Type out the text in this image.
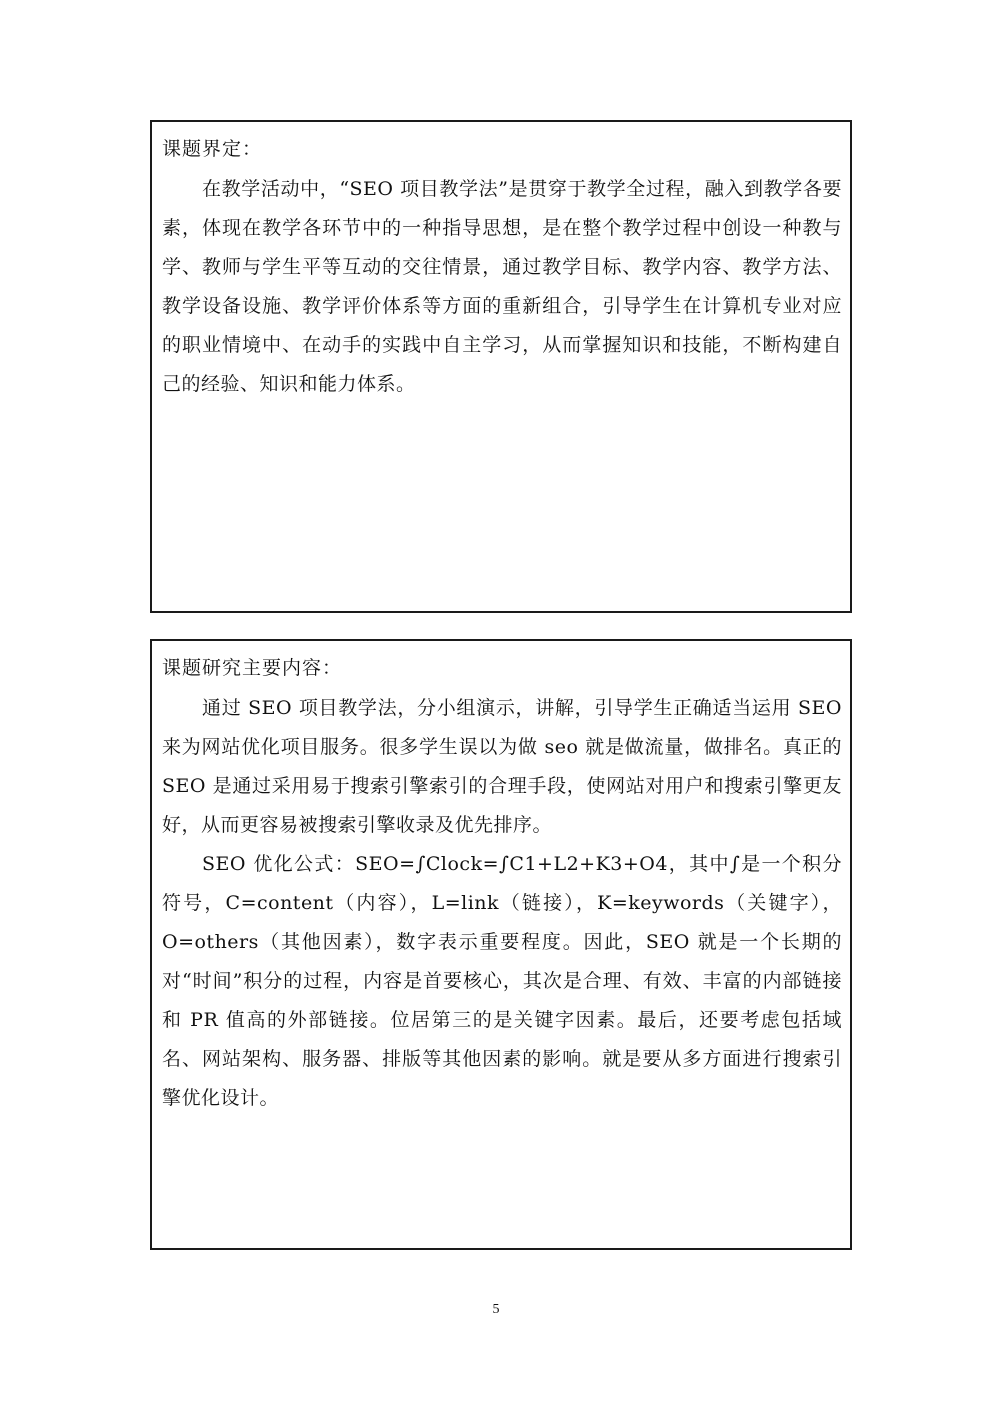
课题界定：

在教学活动中，“SEO 项目教学法”是贯穿于教学全过程，融入到教学各要素，体现在教学各环节中的一种指导思想，是在整个教学过程中创设一种教与学、教师与学生平等互动的交往情景，通过教学目标、教学内容、教学方法、教学设备设施、教学评价体系等方面的重新组合，引导学生在计算机专业对应的职业情境中、在动手的实践中自主学习，从而掌握知识和技能，不断构建自己的经验、知识和能力体系。

课题研究主要内容：

通过 SEO 项目教学法，分小组演示，讲解，引导学生正确适当运用 SEO 来为网站优化项目服务。很多学生误以为做 seo 就是做流量，做排名。真正的 SEO 是通过采用易于搜索引擎索引的合理手段，使网站对用户和搜索引擎更友好，从而更容易被搜索引擎收录及优先排序。

SEO 优化公式：SEO=∫Clock=∫C1+L2+K3+O4，其中∫是一个积分符号，C=content（内容），L=link（链接），K=keywords（关键字），O=others（其他因素），数字表示重要程度。因此，SEO 就是一个长期的对“时间”积分的过程，内容是首要核心，其次是合理、有效、丰富的内部链接和 PR 值高的外部链接。位居第三的是关键字因素。最后，还要考虑包括域名、网站架构、服务器、排版等其他因素的影响。就是要从多方面进行搜索引擎优化设计。

5
